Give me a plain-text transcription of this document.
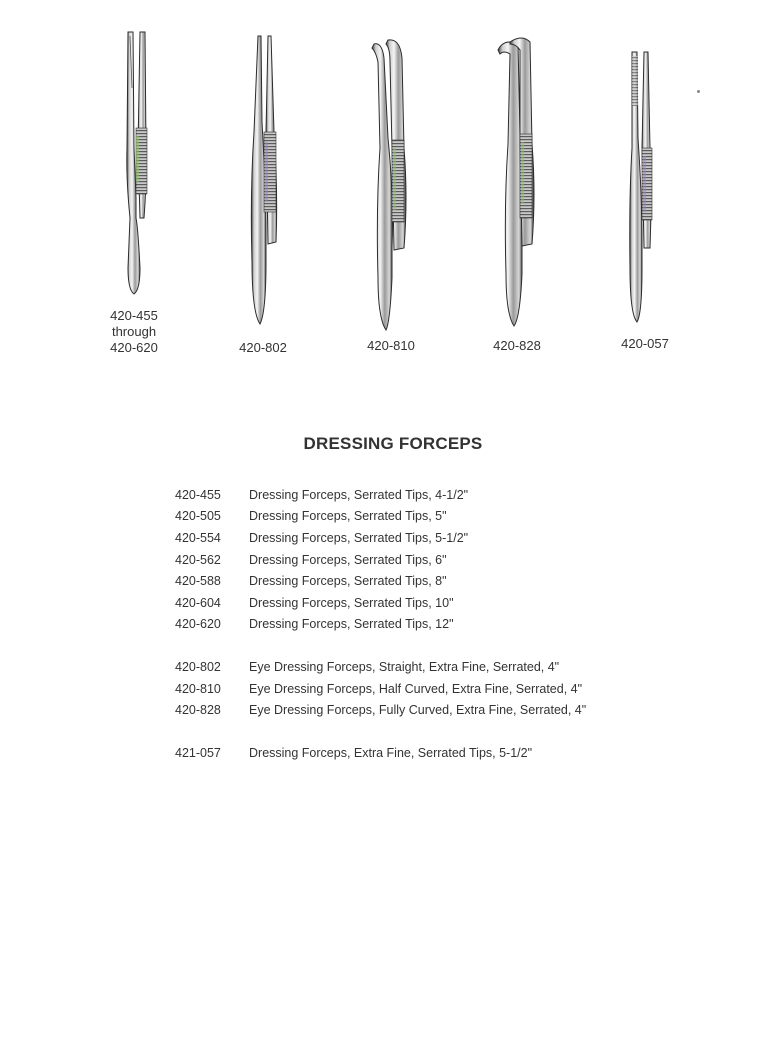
420-455
through
420-620	420-802	420-810	420-828	420-057
DRESSING FORCEPS
420-455	Dressing Forceps, Serrated Tips, 4-1/2"
420-505	Dressing Forceps, Serrated Tips, 5"
420-554	Dressing Forceps, Serrated Tips, 5-1/2"
420-562	Dressing Forceps, Serrated Tips, 6"
420-588	Dressing Forceps, Serrated Tips, 8"
420-604	Dressing Forceps, Serrated Tips, 10"
420-620	Dressing Forceps, Serrated Tips, 12"
420-802	Eye Dressing Forceps, Straight, Extra Fine, Serrated, 4"
420-810	Eye Dressing Forceps, Half Curved, Extra Fine, Serrated, 4"
420-828	Eye Dressing Forceps, Fully Curved, Extra Fine, Serrated, 4"
421-057	Dressing Forceps, Extra Fine, Serrated Tips, 5-1/2"
